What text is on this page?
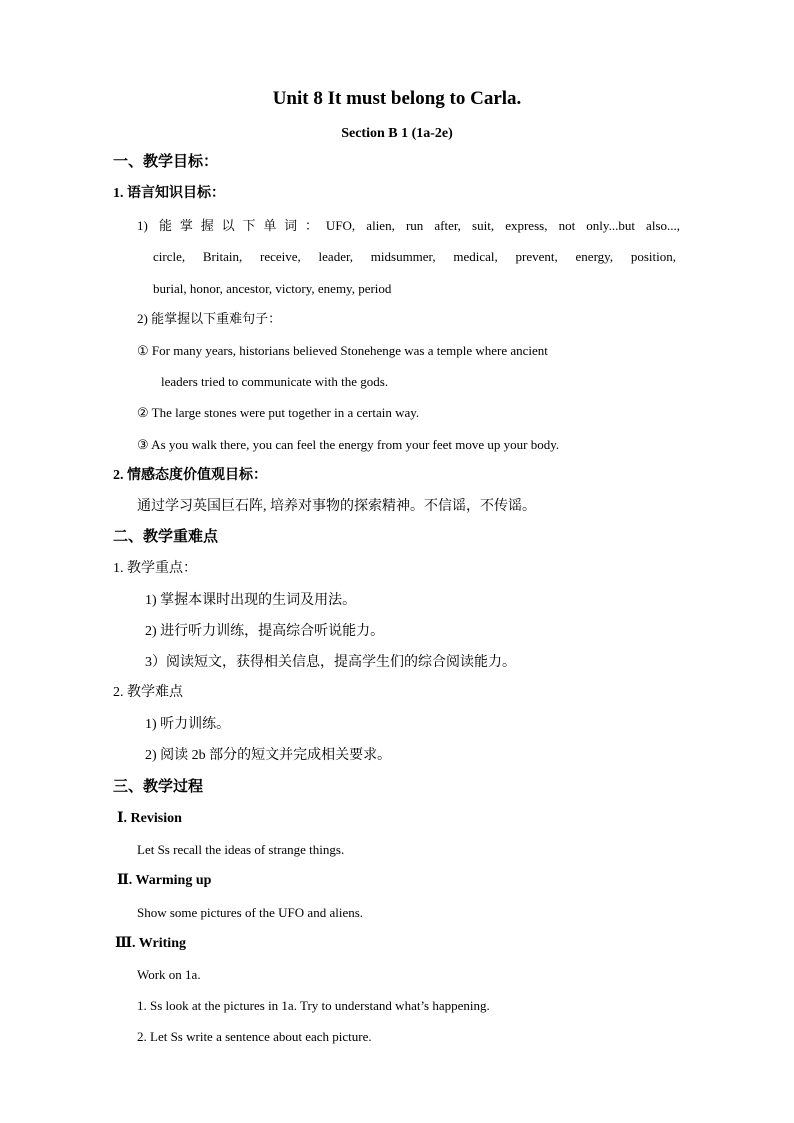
Unit 8 It must belong to Carla.
Section B 1 (1a-2e)
一、教学目标：
1. 语言知识目标：
1) 能掌握以下单词：UFO, alien, run after, suit, express, not only...but also...,
circle, Britain, receive, leader, midsummer, medical, prevent, energy, position,
burial, honor, ancestor, victory, enemy, period
2) 能掌握以下重难句子：
① For many years, historians believed Stonehenge was a temple where ancient
leaders tried to communicate with the gods.
② The large stones were put together in a certain way.
③ As you walk there, you can feel the energy from your feet move up your body.
2. 情感态度价值观目标：
通过学习英国巨石阵, 培养对事物的探索精神。不信谣，不传谣。
二、教学重难点
1. 教学重点：
1) 掌握本课时出现的生词及用法。
2) 进行听力训练，提高综合听说能力。
3）阅读短文，获得相关信息，提高学生们的综合阅读能力。
2. 教学难点
1) 听力训练。
2) 阅读 2b 部分的短文并完成相关要求。
三、教学过程
Ⅰ. Revision
Let Ss recall the ideas of strange things.
Ⅱ. Warming up
Show some pictures of the UFO and aliens.
Ⅲ. Writing
Work on 1a.
1. Ss look at the pictures in 1a. Try to understand what’s happening.
2. Let Ss write a sentence about each picture.
